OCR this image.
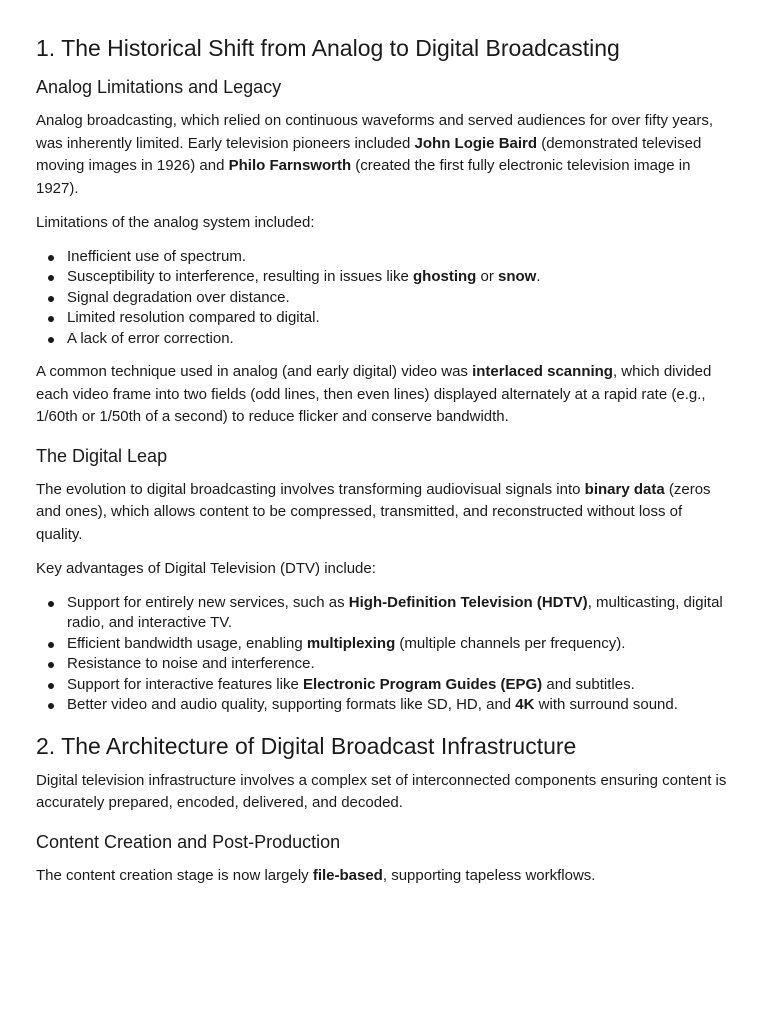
1. The Historical Shift from Analog to Digital Broadcasting
Analog Limitations and Legacy

Analog broadcasting, which relied on continuous waveforms and served audiences for over fifty years, was inherently limited. Early television pioneers included John Logie Baird (demonstrated televised moving images in 1926) and Philo Farnsworth (created the first fully electronic television image in 1927).

Limitations of the analog system included:

Inefficient use of spectrum.
Susceptibility to interference, resulting in issues like ghosting or snow.
Signal degradation over distance.
Limited resolution compared to digital.
A lack of error correction.

A common technique used in analog (and early digital) video was interlaced scanning, which divided each video frame into two fields (odd lines, then even lines) displayed alternately at a rapid rate (e.g., 1/60th or 1/50th of a second) to reduce flicker and conserve bandwidth.

The Digital Leap

The evolution to digital broadcasting involves transforming audiovisual signals into binary data (zeros and ones), which allows content to be compressed, transmitted, and reconstructed without loss of quality.

Key advantages of Digital Television (DTV) include:

Support for entirely new services, such as High-Definition Television (HDTV), multicasting, digital radio, and interactive TV.
Efficient bandwidth usage, enabling multiplexing (multiple channels per frequency).
Resistance to noise and interference.
Support for interactive features like Electronic Program Guides (EPG) and subtitles.
Better video and audio quality, supporting formats like SD, HD, and 4K with surround sound.
2. The Architecture of Digital Broadcast Infrastructure

Digital television infrastructure involves a complex set of interconnected components ensuring content is accurately prepared, encoded, delivered, and decoded.

Content Creation and Post-Production

The content creation stage is now largely file-based, supporting tapeless workflows.
